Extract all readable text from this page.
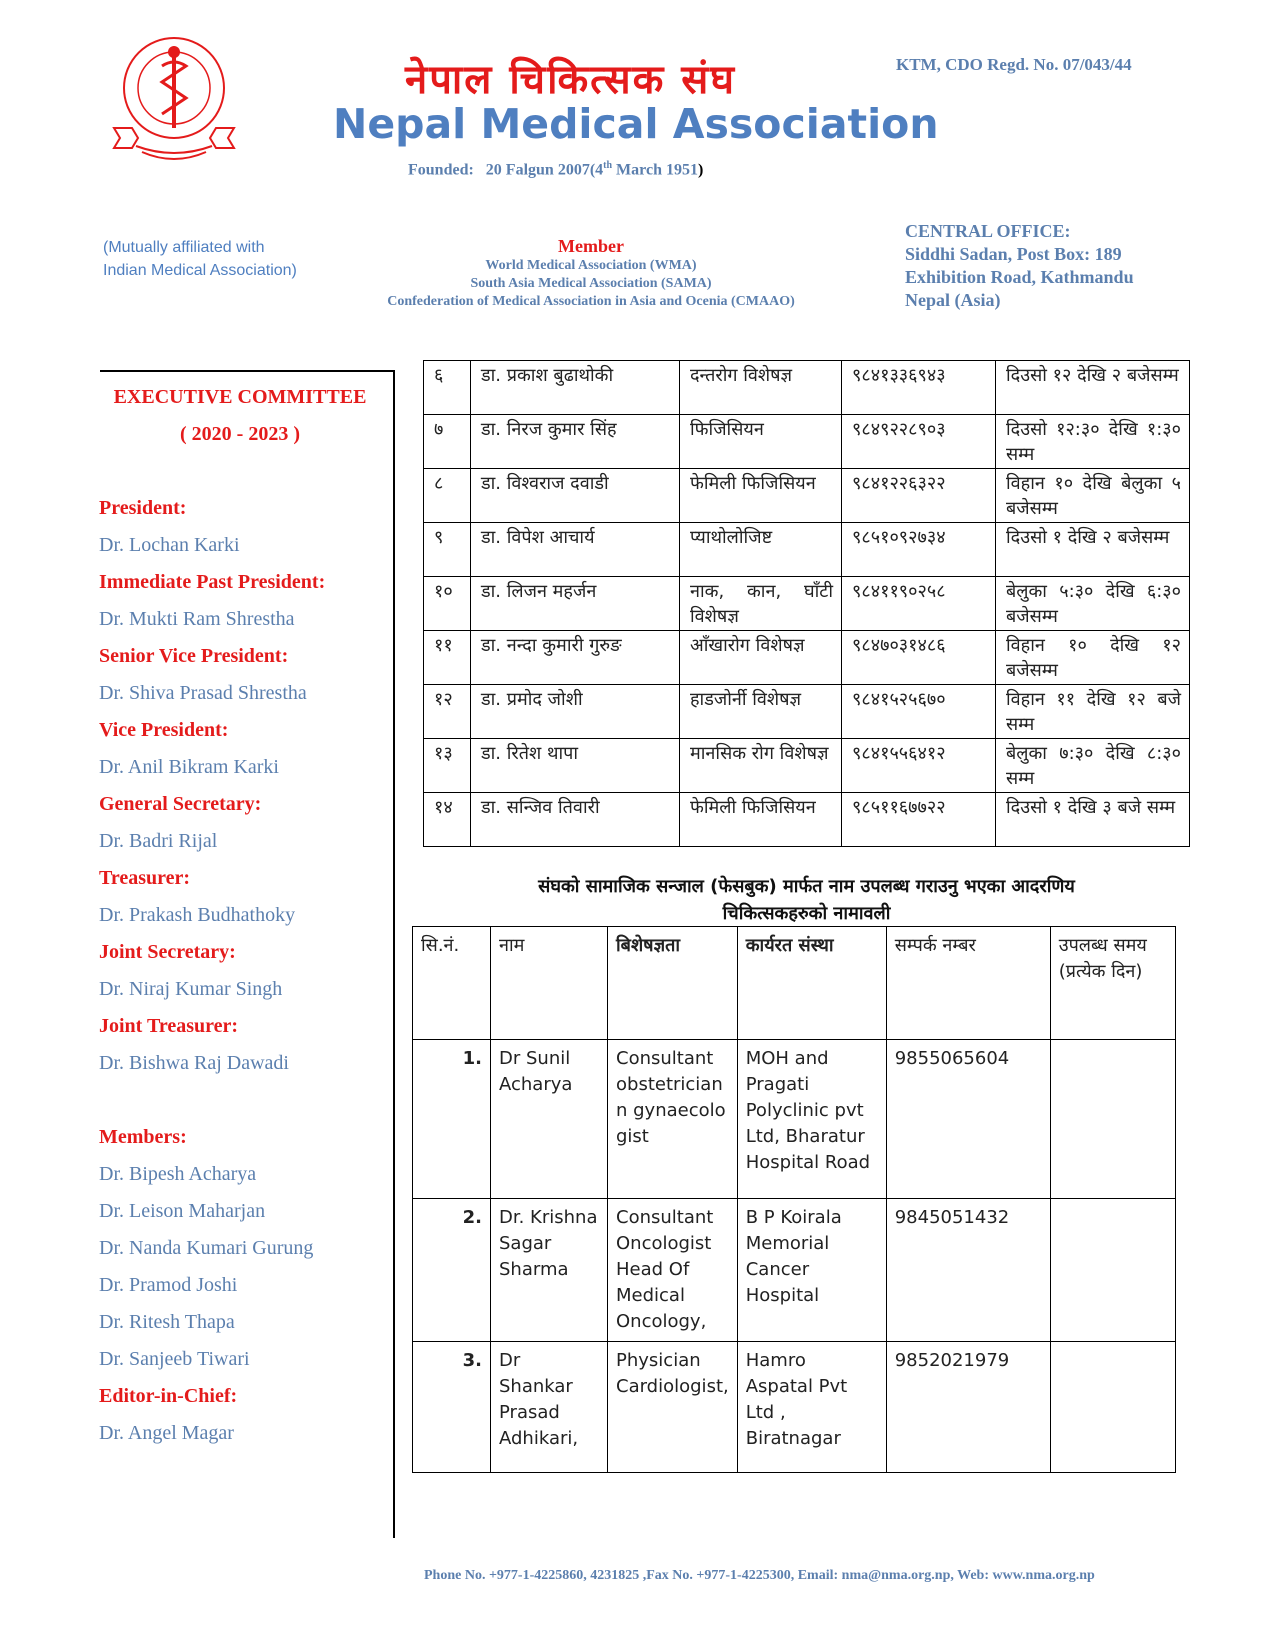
नेपाल चिकित्सक संघ
Nepal Medical Association
Founded:   20 Falgun 2007(4th March 1951)
KTM, CDO Regd. No. 07/043/44
(Mutually affiliated with
Indian Medical Association)
Member
World Medical Association (WMA)
South Asia Medical Association (SAMA)
Confederation of Medical Association in Asia and Ocenia (CMAAO)
CENTRAL OFFICE:
Siddhi Sadan, Post Box: 189
Exhibition Road, Kathmandu
Nepal (Asia)
EXECUTIVE COMMITTEE
( 2020 - 2023 )
President:
Dr. Lochan Karki
Immediate Past President:
Dr. Mukti Ram Shrestha
Senior Vice President:
Dr. Shiva Prasad Shrestha
Vice President:
Dr. Anil Bikram Karki
General Secretary:
Dr. Badri Rijal
Treasurer:
Dr. Prakash Budhathoky
Joint Secretary:
Dr. Niraj Kumar Singh
Joint Treasurer:
Dr. Bishwa Raj Dawadi
Members:
Dr. Bipesh Acharya
Dr. Leison Maharjan
Dr. Nanda Kumari Gurung
Dr. Pramod Joshi
Dr. Ritesh Thapa
Dr. Sanjeeb Tiwari
Editor-in-Chief:
Dr. Angel Magar
६	डा. प्रकाश बुढाथोकी	दन्तरोग विशेषज्ञ	९८४१३३६९४३	दिउसो १२ देखि २ बजेसम्म
७	डा. निरज कुमार सिंह	फिजिसियन	९८४९२२८९०३	दिउसो १२:३० देखि १:३० सम्म
८	डा. विश्वराज दवाडी	फेमिली फिजिसियन	९८४१२२६३२२	विहान १० देखि बेलुका ५ बजेसम्म
९	डा. विपेश आचार्य	प्याथोलोजिष्ट	९८५१०९२७३४	दिउसो १ देखि २ बजेसम्म
१०	डा. लिजन महर्जन	नाक, कान, घाँटी विशेषज्ञ	९८४११९०२५८	बेलुका ५:३० देखि ६:३० बजेसम्म
११	डा. नन्दा कुमारी गुरुङ	आँखारोग विशेषज्ञ	९८४७०३१४८६	विहान १० देखि १२ बजेसम्म
१२	डा. प्रमोद जोशी	हाडजोर्नी विशेषज्ञ	९८४१५२५६७०	विहान ११ देखि १२ बजे सम्म
१३	डा. रितेश थापा	मानसिक रोग विशेषज्ञ	९८४१५५६४१२	बेलुका ७:३० देखि ८:३० सम्म
१४	डा. सन्जिव तिवारी	फेमिली फिजिसियन	९८५११६७७२२	दिउसो १ देखि ३ बजे सम्म
संघको सामाजिक सन्जाल (फेसबुक) मार्फत नाम उपलब्ध गराउनु भएका आदरणिय
चिकित्सकहरुको नामावली
सि.नं.	नाम	बिशेषज्ञता	कार्यरत संस्था	सम्पर्क नम्बर	उपलब्ध समय (प्रत्येक दिन)
1.	Dr Sunil Acharya	Consultant obstetrician n gynaecologist	MOH and Pragati Polyclinic pvt Ltd, Bharatur Hospital Road	9855065604	
2.	Dr. Krishna Sagar Sharma	Consultant Oncologist Head Of Medical Oncology,	B P Koirala Memorial Cancer Hospital	9845051432	
3.	Dr Shankar Prasad Adhikari,	Physician Cardiologist,	Hamro Aspatal Pvt Ltd , Biratnagar	9852021979	
Phone No. +977-1-4225860, 4231825 ,Fax No. +977-1-4225300, Email: nma@nma.org.np, Web: www.nma.org.np
